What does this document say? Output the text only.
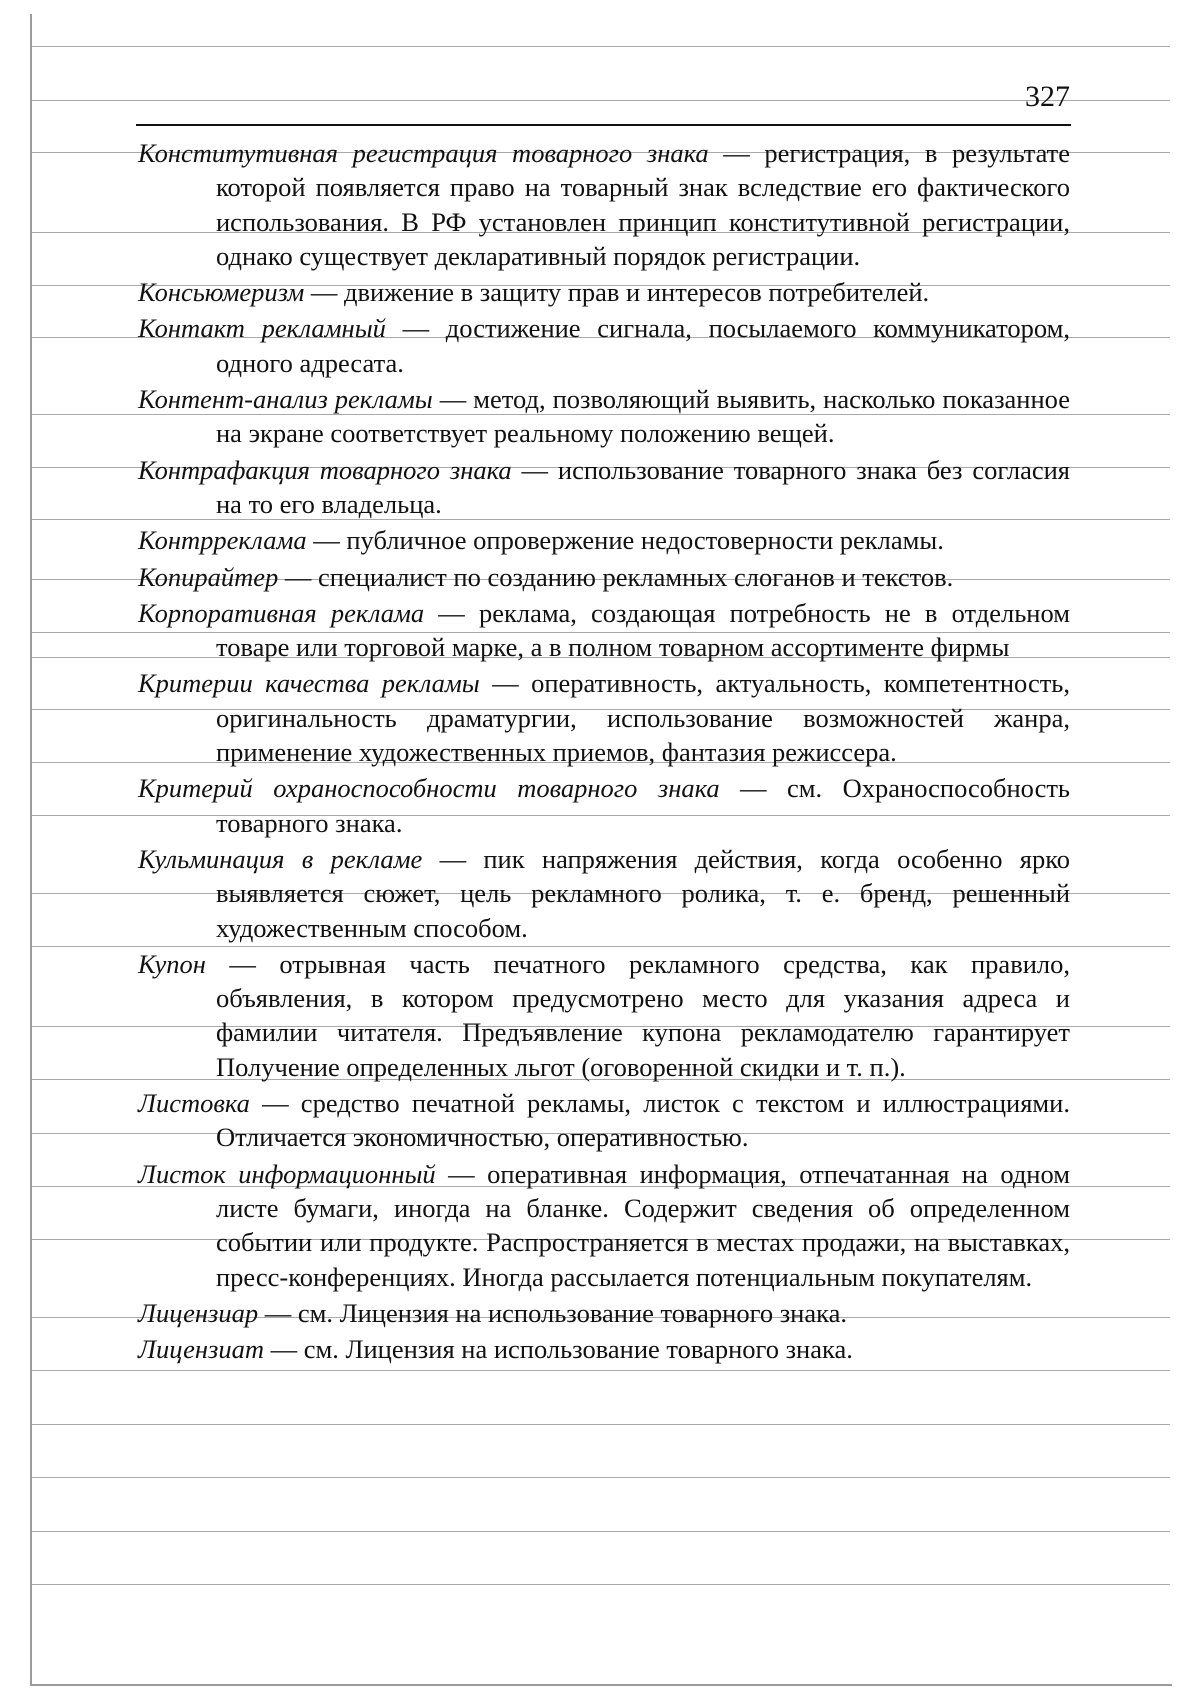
327

Конститутивная регистрация товарного знака — регистрация, в результате которой появляется право на товарный знак вследствие его фактического использования. В РФ установлен принцип конститутивной регистрации, однако существует декларативный порядок регистрации.

Консьюмеризм — движение в защиту прав и интересов потребителей.

Контакт рекламный — достижение сигнала, посылаемого коммуникатором, одного адресата.

Контент-анализ рекламы — метод, позволяющий выявить, насколько показанное на экране соответствует реальному положению вещей.

Контрафакция товарного знака — использование товарного знака без согласия на то его владельца.

Контрреклама — публичное опровержение недостоверности рекламы.

Копирайтер — специалист по созданию рекламных слоганов и текстов.

Корпоративная реклама — реклама, создающая потребность не в отдельном товаре или торговой марке, а в полном товарном ассортименте фирмы

Критерии качества рекламы — оперативность, актуальность, компетентность, оригинальность драматургии, использование возможностей жанра, применение художественных приемов, фантазия режиссера.

Критерий охраноспособности товарного знака — см. Охраноспособность товарного знака.

Кульминация в рекламе — пик напряжения действия, когда особенно ярко выявляется сюжет, цель рекламного ролика, т. е. бренд, решенный художественным способом.

Купон — отрывная часть печатного рекламного средства, как правило, объявления, в котором предусмотрено место для указания адреса и фамилии читателя. Предъявление купона рекламодателю гарантирует Получение определенных льгот (оговоренной скидки и т. п.).

Листовка — средство печатной рекламы, листок с текстом и иллюстрациями. Отличается экономичностью, оперативностью.

Листок информационный — оперативная информация, отпечатанная на одном листе бумаги, иногда на бланке. Содержит сведения об определенном событии или продукте. Распространяется в местах продажи, на выставках, пресс-конференциях. Иногда рассылается потенциальным покупателям.

Лицензиар — см. Лицензия на использование товарного знака.

Лицензиат — см. Лицензия на использование товарного знака.
